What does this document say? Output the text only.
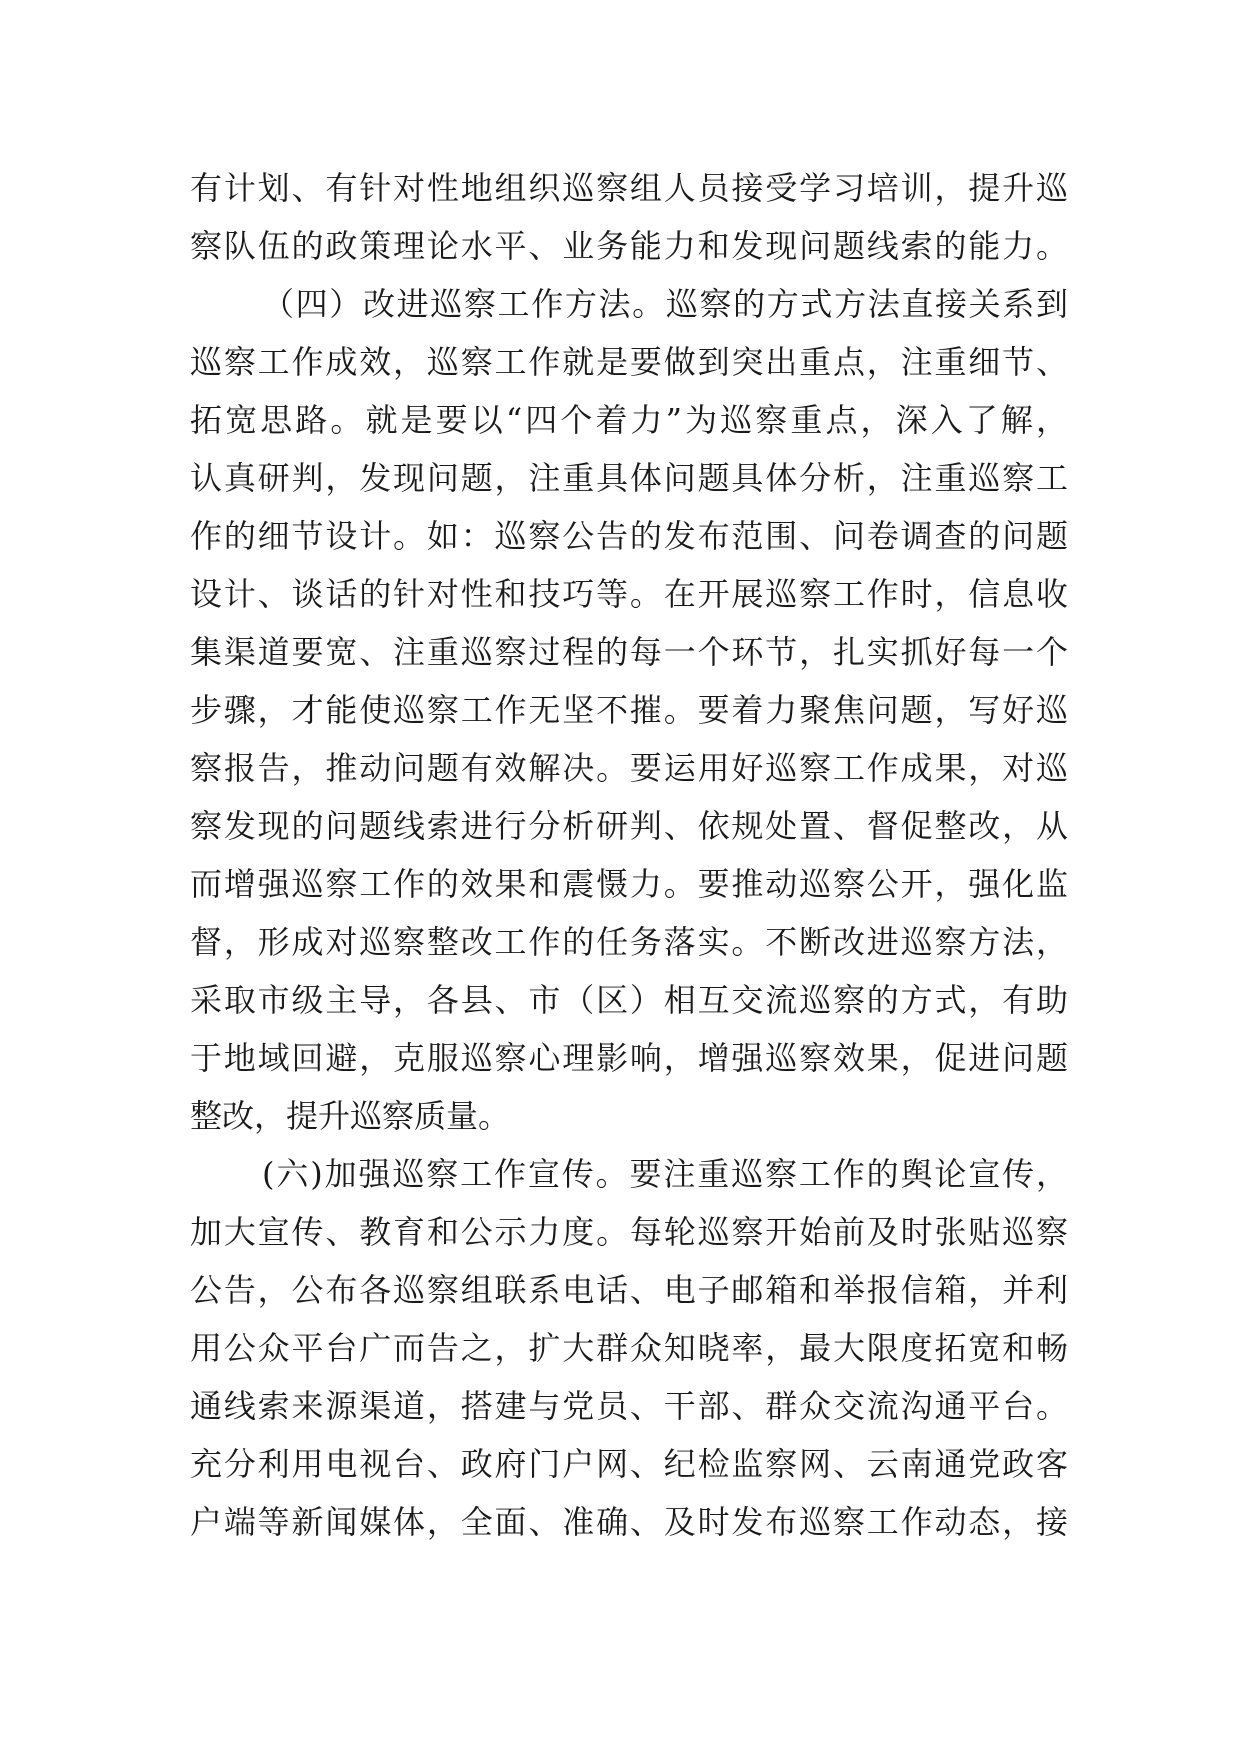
有计划、有针对性地组织巡察组人员接受学习培训，提升巡
察队伍的政策理论水平、业务能力和发现问题线索的能力。
（四）改进巡察工作方法。巡察的方式方法直接关系到
巡察工作成效，巡察工作就是要做到突出重点，注重细节、
拓宽思路。就是要以“四个着力”为巡察重点，深入了解，
认真研判，发现问题，注重具体问题具体分析，注重巡察工
作的细节设计。如：巡察公告的发布范围、问卷调查的问题
设计、谈话的针对性和技巧等。在开展巡察工作时，信息收
集渠道要宽、注重巡察过程的每一个环节，扎实抓好每一个
步骤，才能使巡察工作无坚不摧。要着力聚焦问题，写好巡
察报告，推动问题有效解决。要运用好巡察工作成果，对巡
察发现的问题线索进行分析研判、依规处置、督促整改，从
而增强巡察工作的效果和震慑力。要推动巡察公开，强化监
督，形成对巡察整改工作的任务落实。不断改进巡察方法，
采取市级主导，各县、市（区）相互交流巡察的方式，有助
于地域回避，克服巡察心理影响，增强巡察效果，促进问题
整改，提升巡察质量。
(六)加强巡察工作宣传。要注重巡察工作的舆论宣传，
加大宣传、教育和公示力度。每轮巡察开始前及时张贴巡察
公告，公布各巡察组联系电话、电子邮箱和举报信箱，并利
用公众平台广而告之，扩大群众知晓率，最大限度拓宽和畅
通线索来源渠道，搭建与党员、干部、群众交流沟通平台。
充分利用电视台、政府门户网、纪检监察网、云南通党政客
户端等新闻媒体，全面、准确、及时发布巡察工作动态，接
